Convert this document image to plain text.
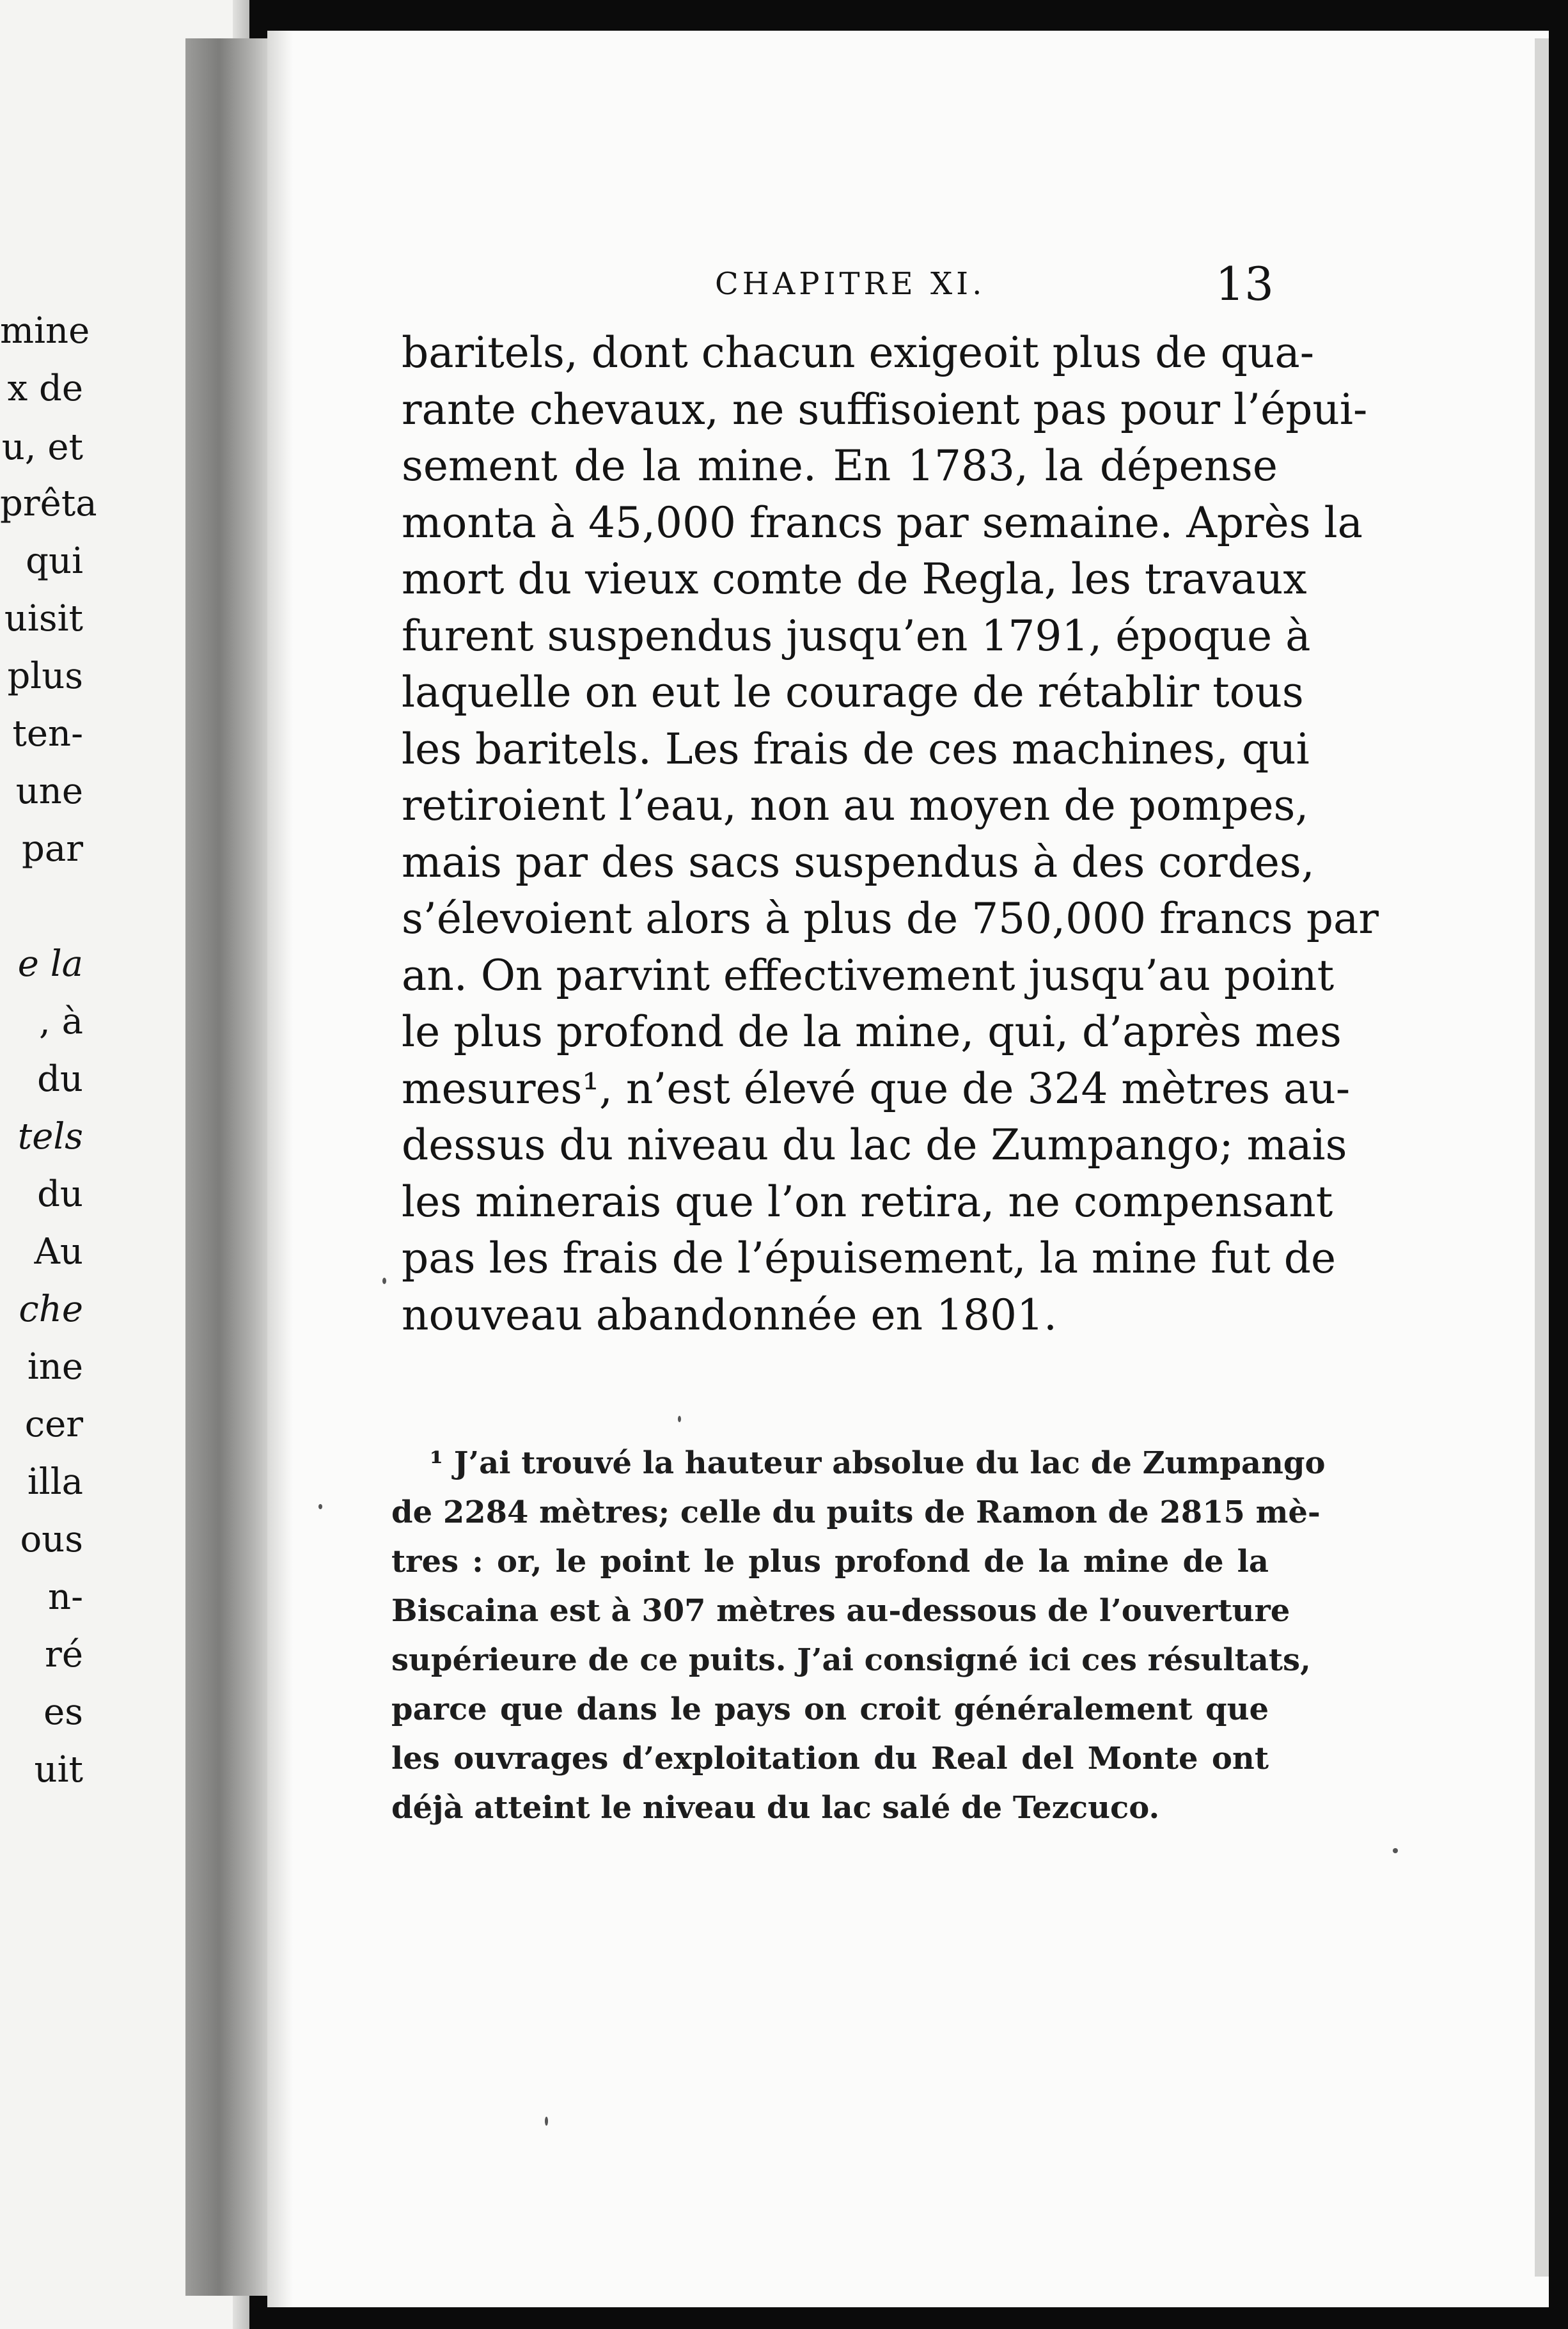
mine
x de
u, et
prêta
qui
uisit
plus
ten-
une
par
e la
, à
du
tels
du
Au
che
ine
cer
illa
ous
n-
ré
es
uit
CHAPITRE XI.	13
baritels, dont chacun exigeoit plus de qua-
rante chevaux, ne suffisoient pas pour l’épui-
sement de la mine. En 1783, la dépense
monta à 45,000 francs par semaine. Après la
mort du vieux comte de Regla, les travaux
furent suspendus jusqu’en 1791, époque à
laquelle on eut le courage de rétablir tous
les baritels. Les frais de ces machines, qui
retiroient l’eau, non au moyen de pompes,
mais par des sacs suspendus à des cordes,
s’élevoient alors à plus de 750,000 francs par
an. On parvint effectivement jusqu’au point
le plus profond de la mine, qui, d’après mes
mesures¹, n’est élevé que de 324 mètres au-
dessus du niveau du lac de Zumpango; mais
les minerais que l’on retira, ne compensant
pas les frais de l’épuisement, la mine fut de
nouveau abandonnée en 1801.
¹ J’ai trouvé la hauteur absolue du lac de Zumpango
de 2284 mètres; celle du puits de Ramon de 2815 mè-
tres : or, le point le plus profond de la mine de la
Biscaina est à 307 mètres au-dessous de l’ouverture
supérieure de ce puits. J’ai consigné ici ces résultats,
parce que dans le pays on croit généralement que
les ouvrages d’exploitation du Real del Monte ont
déjà atteint le niveau du lac salé de Tezcuco.
